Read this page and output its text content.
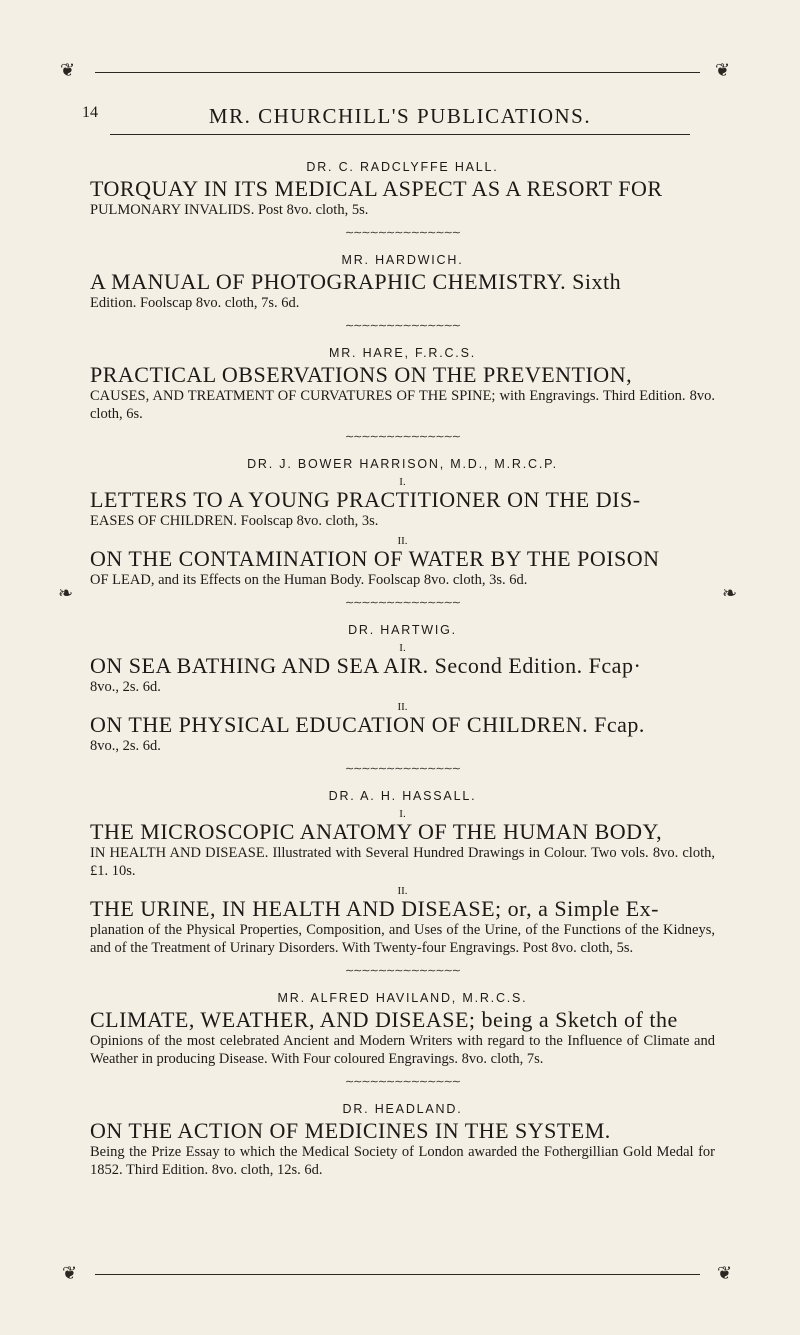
❦	❦
14	MR. CHURCHILL'S PUBLICATIONS.
❧	❧
DR. C. RADCLYFFE HALL.

TORQUAY IN ITS MEDICAL ASPECT AS A RESORT FOR

PULMONARY INVALIDS. Post 8vo. cloth, 5s.

∼∼∼∼∼∼∼∼∼∼∼∼∼∼
MR. HARDWICH.

A MANUAL OF PHOTOGRAPHIC CHEMISTRY. Sixth

Edition. Foolscap 8vo. cloth, 7s. 6d.

∼∼∼∼∼∼∼∼∼∼∼∼∼∼
MR. HARE, F.R.C.S.

PRACTICAL OBSERVATIONS ON THE PREVENTION,

CAUSES, AND TREATMENT OF CURVATURES OF THE SPINE; with Engravings. Third Edition. 8vo. cloth, 6s.

∼∼∼∼∼∼∼∼∼∼∼∼∼∼
DR. J. BOWER HARRISON, M.D., M.R.C.P.
I.

LETTERS TO A YOUNG PRACTITIONER ON THE DIS-

EASES OF CHILDREN. Foolscap 8vo. cloth, 3s.

II.

ON THE CONTAMINATION OF WATER BY THE POISON

OF LEAD, and its Effects on the Human Body. Foolscap 8vo. cloth, 3s. 6d.

∼∼∼∼∼∼∼∼∼∼∼∼∼∼
DR. HARTWIG.
I.

ON SEA BATHING AND SEA AIR. Second Edition. Fcap·

8vo., 2s. 6d.

II.

ON THE PHYSICAL EDUCATION OF CHILDREN. Fcap.

8vo., 2s. 6d.

∼∼∼∼∼∼∼∼∼∼∼∼∼∼
DR. A. H. HASSALL.
I.

THE MICROSCOPIC ANATOMY OF THE HUMAN BODY,

IN HEALTH AND DISEASE. Illustrated with Several Hundred Drawings in Colour. Two vols. 8vo. cloth, £1. 10s.

II.

THE URINE, IN HEALTH AND DISEASE; or, a Simple Ex-

planation of the Physical Properties, Composition, and Uses of the Urine, of the Functions of the Kidneys, and of the Treatment of Urinary Disorders. With Twenty-four Engravings. Post 8vo. cloth, 5s.

∼∼∼∼∼∼∼∼∼∼∼∼∼∼
MR. ALFRED HAVILAND, M.R.C.S.

CLIMATE, WEATHER, AND DISEASE; being a Sketch of the

Opinions of the most celebrated Ancient and Modern Writers with regard to the Influence of Climate and Weather in producing Disease. With Four coloured Engravings. 8vo. cloth, 7s.

∼∼∼∼∼∼∼∼∼∼∼∼∼∼
DR. HEADLAND.

ON THE ACTION OF MEDICINES IN THE SYSTEM.

Being the Prize Essay to which the Medical Society of London awarded the Fothergillian Gold Medal for 1852. Third Edition. 8vo. cloth, 12s. 6d.

❦	❦
